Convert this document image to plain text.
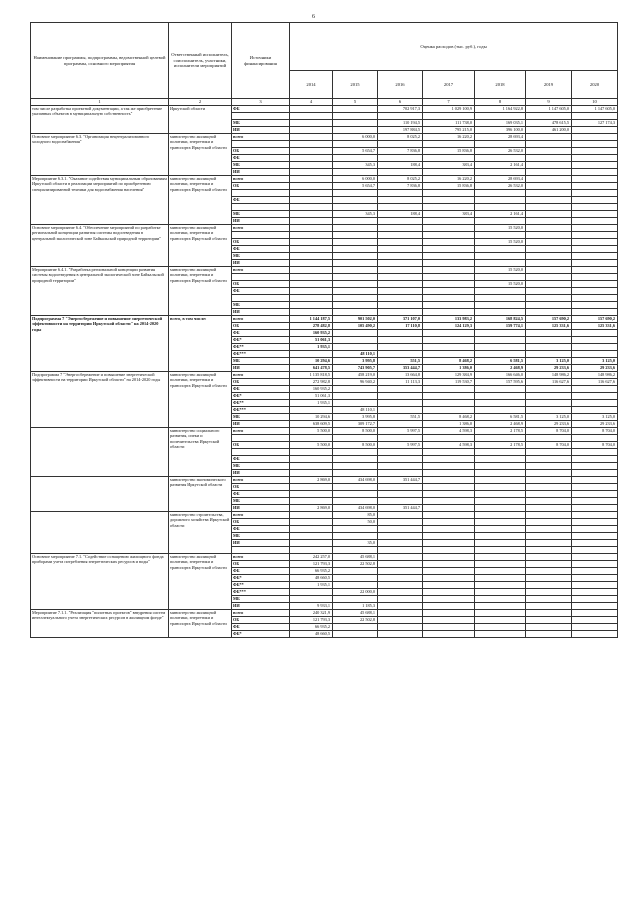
6
Наименование программы, подпрограммы, ведомственной целевой программы, основного мероприятия	Ответственный исполнитель, соисполнитель, участники, исполнители мероприятий	Источники финансирования	Оценка расходов (тыс. руб.), годы						
			2014	2015	2016	2017	2018	2019	2020
1	2	3	4	5	6	7	8	9	10
том числе разработка проектной документации, а так же приобретение указанных объектов в муниципальную собственность"	Иркутской области	ФБ			702 917,3	1 029 100,9	1 164 922,8	1 147 605,0	1 147 605,0

		МБ			110 194,5	111 738,0	169 035,1	478 615,5	127 174,3
		ИИ			197 884,5	795 215,0	396 100,0	461 200,0	
Основное мероприятие 6.3. "Организация нецентрализованного холодного водоснабжения"	министерство жилищной политики, энергетики и транспорта Иркутской области	всего		6 000,0	8 025,2	16 220,2	28 693,4		

		ОБ		5 654,7	7 836,8	15 836,8	26 532,0		
		ФБ							
		МБ		345,3	188,4	383,4	2 161,4		
		ИИ							
Мероприятие 6.3.1. "Оказание содействия муниципальным образованиям Иркутской области в реализации мероприятий по приобретению специализированной техники для водоснабжения населения"	министерство жилищной политики, энергетики и транспорта Иркутской области	всего		6 000,0	8 025,2	16 220,2	28 693,4		
		ОБ		5 654,7	7 836,8	15 836,8	26 532,0		

		ФБ							

		МБ		345,3	188,4	383,4	2 161,4		
		ИИ							
Основное мероприятие 6.4. "Обеспечение мероприятий по разработке региональной концепции развития системы водоотведения в центральной экологической зоне Байкальской природной территории"	министерство жилищной политики, энергетики и транспорта Иркутской области	всего					15 520,0		

		ОБ					15 520,0		
		ФБ							
		МБ							
		ИИ							
Мероприятие 6.4.1. "Разработка региональной концепции развития системы водоотведения в центральной экологической зоне Байкальской природной территории"	министерство жилищной политики, энергетики и транспорта Иркутской области	всего					15 520,0		

		ОБ					15 520,0		
		ФБ							

		МБ							
		ИИ							
Подпрограмма 7 "Энергосбережение и повышение энергетической эффективности на территории Иркутской области" на 2014-2020 годы	всего, в том числе:	всего	1 144 187,5	901 502,0	371 107,0	133 983,2	168 824,5	157 690,2	157 690,2
		ОБ	278 482,8	105 490,2	17 110,8	124 129,3	159 774,1	125 331,6	125 331,6
		ФБ	160 935,2						
		ФБ*	51 061,3						
		ФБ**	1 935,1						
		ФБ***		48 110,1					
		МБ	10 294,6	3 995,8	551,5	8 468,2	6 581,5	3 125,0	3 125,0
		ИИ	641 478,5	743 905,7	353 444,7	1 386,0	2 468,9	29 233,6	29 233,6
Подпрограмма 7 "Энергосбережение и повышение энергетической эффективности на территории Иркутской области" на 2014-2020 годы	министерство жилищной политики, энергетики и транспорта Иркутской области	всего	1 135 818,5	458 219,0	13 664,8	129 384,9	166 646,0	148 986,2	148 986,2
		ОБ	272 982,8	96 940,2	11 113,3	119 530,7	157 595,6	116 627,6	116 627,6
		ФБ	160 935,2						
		ФБ*	51 061,3						
		ФБ**	1 935,1						
		ФБ***		48 110,1					
		МБ	10 294,6	3 995,8	551,5	8 468,2	6 581,5	3 125,0	3 125,0
		ИИ	638 609,5	309 172,7		1 386,0	2 468,9	29 233,6	29 233,6
	министерство социального развития, опеки и попечительства Иркутской области	всего	5 500,0	8 500,0	5 997,5	4 598,3	2 178,5	8 704,0	8 704,0

		ОБ	5 500,0	8 500,0	5 997,5	4 598,3	2 178,5	8 704,0	8 704,0

		ФБ							
		МБ							
		ИИ							
	министерство экономического развития Иркутской области	всего	2 869,0	434 698,0	351 444,7				
		ОБ							
		ФБ							
		МБ							
		ИИ	2 869,0	434 698,0	351 444,7				
	министерство строительства, дорожного хозяйства Иркутской области	всего		85,0					
		ОБ		50,0					
		ФБ							
		МБ							
		ИИ		35,0					

Основное мероприятие 7.1. "Содействие оснащению жилищного фонда приборами учета потребления энергетических ресурсов и воды"	министерство жилищной политики, энергетики и транспорта Иркутской области	всего	242 257,0	45 688,1					
		ОБ	121 793,3	22 502,8					
		ФБ	66 935,2						
		ФБ*	48 660,5						
		ФБ**	1 935,1						
		ФБ***		22 000,0					
		МБ							
		ИИ	9 933,1	1 185,3					
Мероприятие 7.1.1. "Реализация "пилотных проектов" внедрения систем интеллектуального учета энергетических ресурсов в жилищном фонде"	министерство жилищной политики, энергетики и транспорта Иркутской области	всего	240 321,9	45 688,1					
		ОБ	121 793,3	22 502,8					
		ФБ	66 935,2						
		ФБ*	48 660,5						
